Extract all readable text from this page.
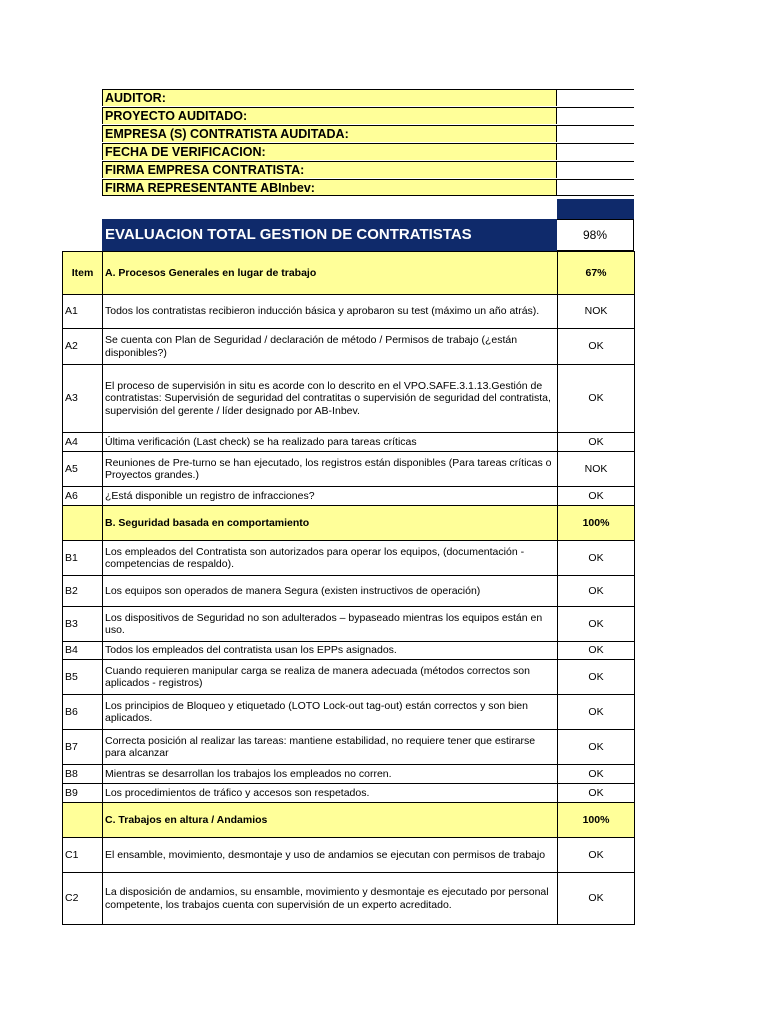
AUDITOR:
PROYECTO AUDITADO:
EMPRESA (S) CONTRATISTA AUDITADA:
FECHA DE VERIFICACION:
FIRMA EMPRESA CONTRATISTA:
FIRMA REPRESENTANTE ABInbev:
EVALUACION TOTAL GESTION DE CONTRATISTAS	98%
Item	A. Procesos Generales en lugar de trabajo	67%
A1	Todos los contratistas recibieron inducción básica y aprobaron su test (máximo un año atrás).	NOK
A2	Se cuenta con Plan de Seguridad / declaración de método / Permisos de trabajo (¿están disponibles?)	OK
A3	El proceso de supervisión in situ es acorde con lo descrito en el VPO.SAFE.3.1.13.Gestión de contratistas: Supervisión de seguridad del contratitas o supervisión de seguridad del contratista, supervisión del gerente / líder designado por AB-Inbev.	OK
A4	Última verificación (Last check) se ha realizado para tareas críticas	OK
A5	Reuniones de Pre-turno se han ejecutado, los registros están disponibles (Para tareas críticas o Proyectos grandes.)	NOK
A6	¿Está disponible un registro de infracciones?	OK
	B. Seguridad basada en comportamiento	100%
B1	Los empleados del Contratista son autorizados para operar los equipos, (documentación -competencias de respaldo).	OK
B2	Los equipos son operados de manera Segura (existen instructivos de operación)	OK
B3	Los dispositivos de Seguridad no son adulterados – bypaseado mientras los equipos están en uso.	OK
B4	Todos los empleados del contratista usan los EPPs asignados.	OK
B5	Cuando requieren manipular carga se realiza de manera adecuada (métodos correctos son aplicados - registros)	OK
B6	Los principios de Bloqueo y etiquetado (LOTO Lock-out tag-out) están correctos y son bien aplicados.	OK
B7	Correcta posición al realizar las tareas: mantiene estabilidad, no requiere tener que estirarse para alcanzar	OK
B8	Mientras se desarrollan los trabajos los empleados no corren.	OK
B9	Los procedimientos de tráfico y accesos son respetados.	OK
	C. Trabajos en altura / Andamios	100%
C1	El ensamble, movimiento, desmontaje y uso de andamios se ejecutan con permisos de trabajo	OK
C2	La disposición de andamios, su ensamble, movimiento y desmontaje es ejecutado por personal competente, los trabajos cuenta con supervisión de un experto acreditado.	OK
